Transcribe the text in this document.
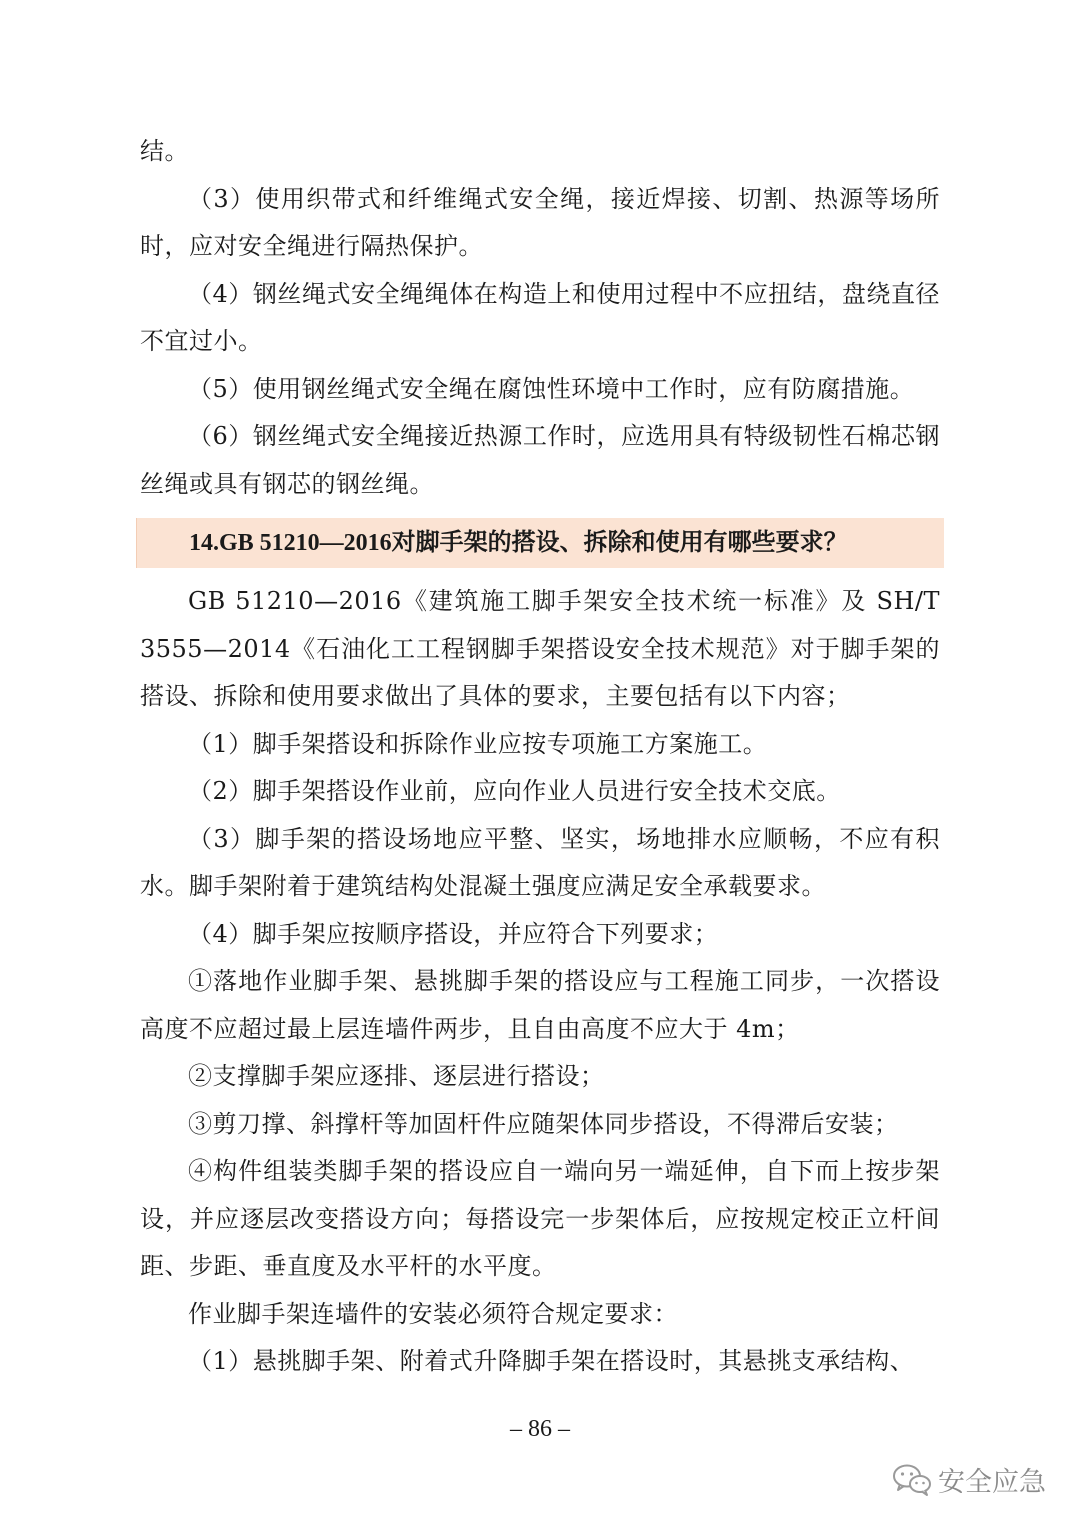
结。

（3）使用织带式和纤维绳式安全绳，接近焊接、切割、热源等场所时，应对安全绳进行隔热保护。

（4）钢丝绳式安全绳绳体在构造上和使用过程中不应扭结，盘绕直径不宜过小。

（5）使用钢丝绳式安全绳在腐蚀性环境中工作时，应有防腐措施。

（6）钢丝绳式安全绳接近热源工作时，应选用具有特级韧性石棉芯钢丝绳或具有钢芯的钢丝绳。

14.GB 51210—2016对脚手架的搭设、拆除和使用有哪些要求？

GB 51210—2016《建筑施工脚手架安全技术统一标准》及 SH/T 3555—2014《石油化工工程钢脚手架搭设安全技术规范》对于脚手架的搭设、拆除和使用要求做出了具体的要求，主要包括有以下内容；

（1）脚手架搭设和拆除作业应按专项施工方案施工。

（2）脚手架搭设作业前，应向作业人员进行安全技术交底。

（3）脚手架的搭设场地应平整、坚实，场地排水应顺畅，不应有积水。脚手架附着于建筑结构处混凝土强度应满足安全承载要求。

（4）脚手架应按顺序搭设，并应符合下列要求；

①落地作业脚手架、悬挑脚手架的搭设应与工程施工同步，一次搭设高度不应超过最上层连墙件两步，且自由高度不应大于 4m；

②支撑脚手架应逐排、逐层进行搭设；

③剪刀撑、斜撑杆等加固杆件应随架体同步搭设，不得滞后安装；

④构件组装类脚手架的搭设应自一端向另一端延伸，自下而上按步架设，并应逐层改变搭设方向；每搭设完一步架体后，应按规定校正立杆间距、步距、垂直度及水平杆的水平度。

作业脚手架连墙件的安装必须符合规定要求：

（1）悬挑脚手架、附着式升降脚手架在搭设时，其悬挑支承结构、

– 86 –
安全应急
